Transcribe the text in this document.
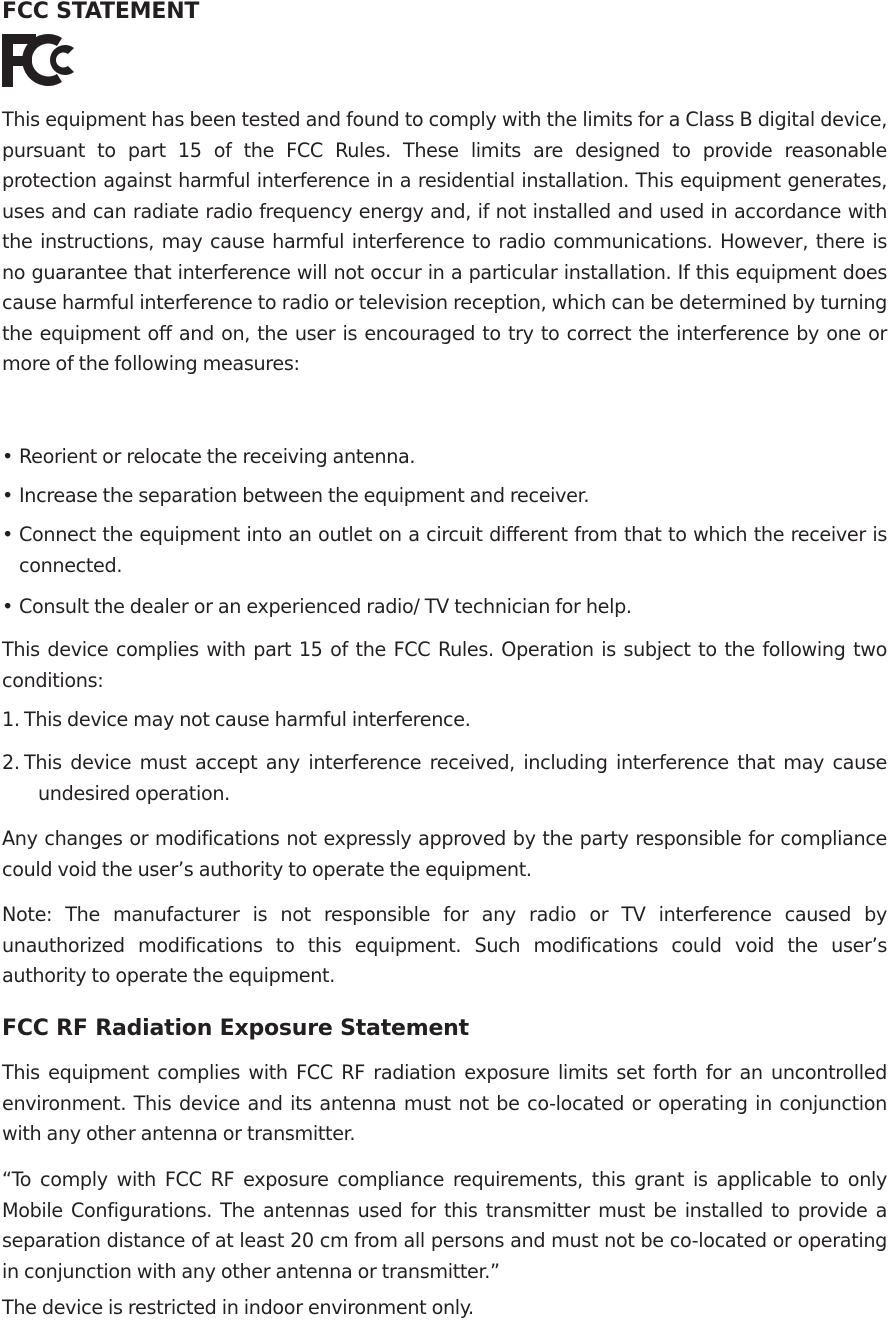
FCC STATEMENT
This equipment has been tested and found to comply with the limits for a Class B digital device, pursuant to part 15 of the FCC Rules. These limits are designed to provide reasonable protection against harmful interference in a residential installation. This equipment generates, uses and can radiate radio frequency energy and, if not installed and used in accordance with the instructions, may cause harmful interference to radio communications. However, there is no guarantee that interference will not occur in a particular installation. If this equipment does cause harmful interference to radio or television reception, which can be determined by turning the equipment off and on, the user is encouraged to try to correct the interference by one or more of the following measures:
• Reorient or relocate the receiving antenna.
• Increase the separation between the equipment and receiver.
• Connect the equipment into an outlet on a circuit different from that to which the receiver is connected.
• Consult the dealer or an experienced radio/ TV technician for help.
This device complies with part 15 of the FCC Rules. Operation is subject to the following two conditions:
1. This device may not cause harmful interference.
2. This device must accept any interference received, including interference that may cause undesired operation.
Any changes or modifications not expressly approved by the party responsible for compliance could void the user’s authority to operate the equipment.
Note: The manufacturer is not responsible for any radio or TV interference caused by unauthorized modifications to this equipment. Such modifications could void the user’s authority to operate the equipment.
FCC RF Radiation Exposure Statement
This equipment complies with FCC RF radiation exposure limits set forth for an uncontrolled environment. This device and its antenna must not be co-located or operating in conjunction with any other antenna or transmitter.
“To comply with FCC RF exposure compliance requirements, this grant is applicable to only Mobile Configurations. The antennas used for this transmitter must be installed to provide a separation distance of at least 20 cm from all persons and must not be co-located or operating in conjunction with any other antenna or transmitter.”
The device is restricted in indoor environment only.
